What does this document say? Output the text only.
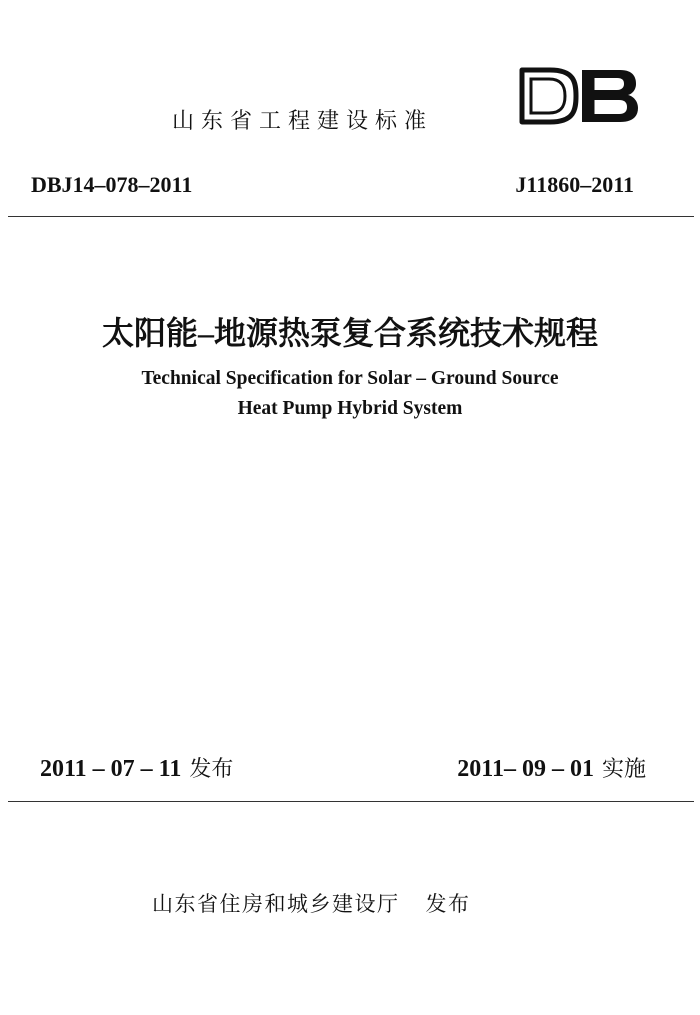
山东省工程建设标准
DBJ14–078–2011	J11860–2011
太阳能–地源热泵复合系统技术规程
Technical Specification for Solar – Ground Source
Heat Pump Hybrid System
2011 – 07 – 11 发布	2011– 09 – 01 实施
山东省住房和城乡建设厅 发布
